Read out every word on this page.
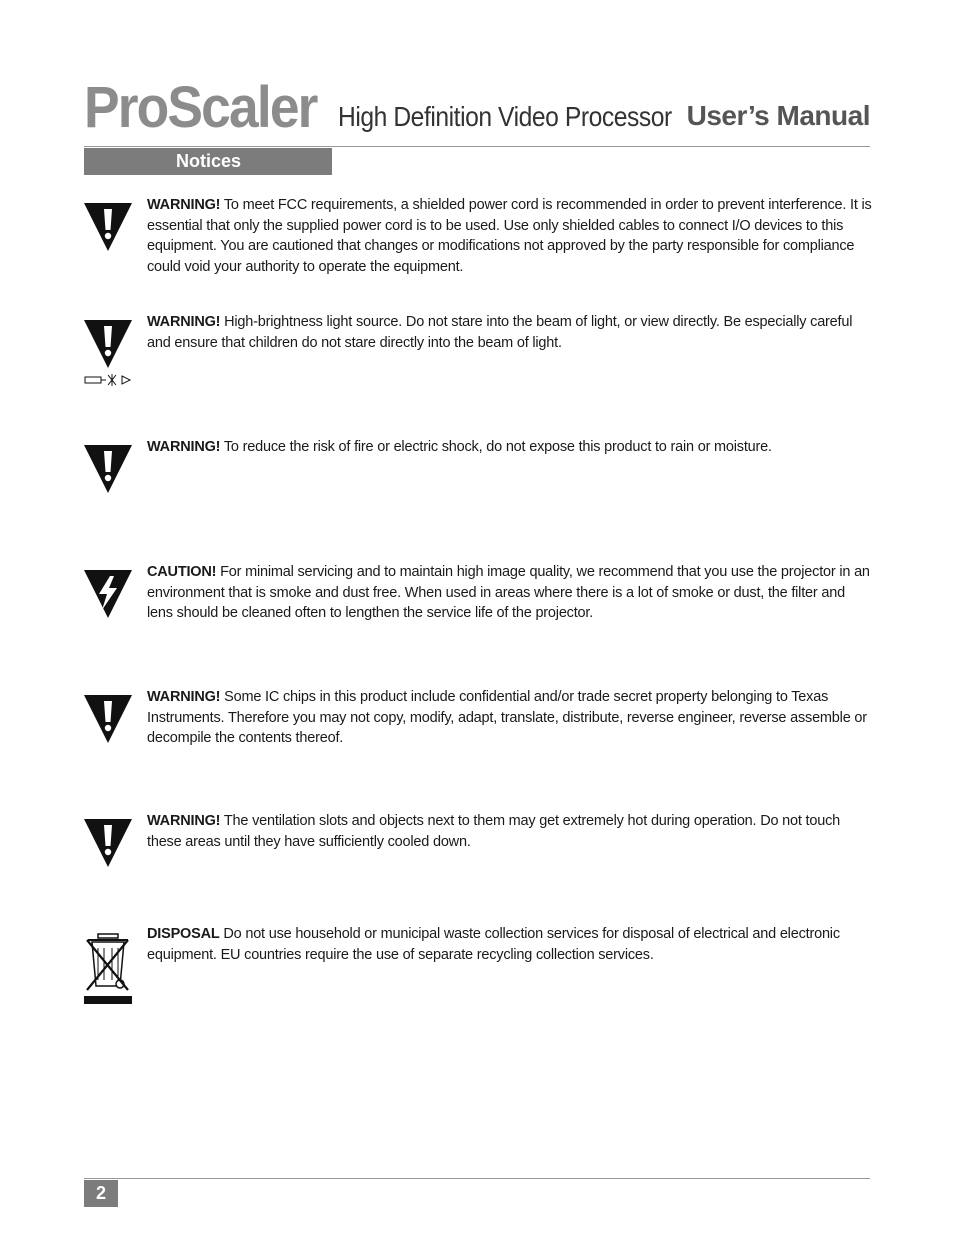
ProScaler High Definition Video Processor User’s Manual
Notices
WARNING! To meet FCC requirements, a shielded power cord is recommended in order to prevent interference. It is essential that only the supplied power cord is to be used. Use only shielded cables to connect I/O devices to this equipment. You are cautioned that changes or modifications not approved by the party responsible for compliance could void your authority to operate the equipment.
WARNING! High-brightness light source. Do not stare into the beam of light, or view directly. Be especially careful and ensure that children do not stare directly into the beam of light.
WARNING! To reduce the risk of fire or electric shock, do not expose this product to rain or moisture.
CAUTION! For minimal servicing and to maintain high image quality, we recommend that you use the projector in an environment that is smoke and dust free. When used in areas where there is a lot of smoke or dust, the filter and lens should be cleaned often to lengthen the service life of the projector.
WARNING! Some IC chips in this product include confidential and/or trade secret property belonging to Texas Instruments. Therefore you may not copy, modify, adapt, translate, distribute, reverse engineer, reverse assemble or decompile the contents thereof.
WARNING! The ventilation slots and objects next to them may get extremely hot during operation. Do not touch these areas until they have sufficiently cooled down.
DISPOSAL Do not use household or municipal waste collection services for disposal of electrical and electronic equipment. EU countries require the use of separate recycling collection services.
2
